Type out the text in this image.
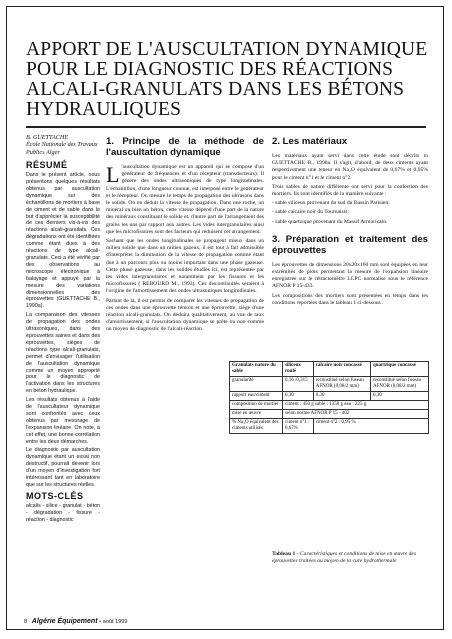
APPORT DE L'AUSCULTATION DYNAMIQUE
POUR LE DIAGNOSTIC DES RÉACTIONS
ALCALI-GRANULATS DANS LES BÉTONS
HYDRAULIQUES
B. GUETTACHE
École Nationale des Travaux
Publics Alger
RÉSUMÉ

Dans le présent article, nous présentons quelques résultats obtenus par auscultation dynamique sur des échantillons de mortiers à base de ciment et de sable dans le but d'apprécier la susceptibilité de ces derniers vis-à-vis des réactions alcali-granulats. Ces dégradations ont été identifiées comme étant dues à des réactions de type alcali-granulats. Ceci a été vérifié par des observations au microscope électronique à balayage et appuyé par la mesure des variations dimensionnelles des éprouvettes (GUETTACHE B., 1990a).

La comparaison des vitesses de propagation des ondes ultrasoniques, dans des éprouvettes saines et dans des éprouvettes, sièges de réactions type alcali-granulats, permet d'envisager l'utilisation de l'auscultation dynamique comme un moyen approprié pour le diagnostic de l'activation dans les structures en béton hydraulique.

Les résultats obtenus à l'aide de l'auscultateur dynamique sont confrontés avec ceux obtenus par mesurage de l'expansion linéaire. On note, à cet effet, une bonne corrélation entre les deux démarches.

Le diagnostic par auscultation dynamique étant un essai non destructif, pourrait devenir lors d'un moyen d'investigation fort intéressant tant en laboratoire que sur les structures réelles.

MOTS-CLÉS

alcalis - silice - granulat - béton - dégradation - fissure - réaction - diagnostic

1. Principe de la méthode de l'auscultation dynamique

L 'auscultation dynamique est un appareil qui se compose d'un générateur de fréquences et d'un récepteur (transducteurs). Il génère des ondes ultrasoniques de type longitudinales. L'échantillon, d'une longueur connue, est interposé entre le générateur et le récepteur. On mesure le temps de propagation des ultrasons dans le solide. On en déduit la vitesse de propagation. Dans une roche, un minéral ou bien un béton, cette vitesse dépend d'une part de la nature des minéraux constituant le solide et, d'autre part de l'arrangement des grains les uns par rapport aux autres. Les vides intergranulaires ainsi que les microfissures sont des facteurs qui réduisent cet arrangement.

Sachant que les ondes longitudinales se propagent mieux dans un milieu solide que dans un milieu gazeux, il est tout à fait admissible d'interpréter la diminution de la vitesse de propagation comme étant due à un parcours plus ou moins important dans une phase gazeuse. Cette phase gazeuse, dans les solides étudiés ici, est représentée par les vides intergranulaires et notamment par les fissures et les microfissures ( REBOURD M., 1993). Ces discontinuités seraient à l'origine de l'amortissement des ondes ultrasoniques longitudinales.

Partant de là, il est permis de comparer les vitesses de propagation de ces ondes dans une éprouvette témoin et une éprouvette, siège d'une réaction alcali-granulats. On déduira qualitativement, au vue de taux d'amortissement, si l'auscultation dynamique se prête ou non comme un moyen de diagnostic de l'alcali-réaction.

2. Les matériaux

Les matériaux ayant servi dans cette étude sont décrits in GUETTACHE B., 1990a. Il s'agit, d'abord, de deux ciments ayant respectivement une teneur en Na₂O équivalent de 0,67% et 0,95% pour le ciment n°1 et le ciment n°2.

Trois sables de nature différente ont servi pour la confection des mortiers. Ils sont identifiés de la manière suivante :

- sable siliceux provenant du sud du Bassin Parisien;

- sable calcaire noir du Tournaisis;

- sable quartzique provenant du Massif Armoricain.

3. Préparation et traitement des éprouvettes

Les éprouvettes de dimensions 20x20x160 mm sont équipées en leur extrémités de plots permettant la mesure de l'expansion linéaire enregistrée sur le rétractomètre LCPC normalisé sous le référence AFNOR P 15-433.

Les compositions des mortiers sont présentées en temps dans les conditions reportées dans le tableau 1 ci-dessous :

Granulats nature du sable	siliceux roulé	calcaire noir concassé	quartzique concassé
granularité	0,16 /0,315	reconstitué selon fuseau AFNOR (0,08/2 mm)	reconstitué selon fuseau AFNOR (0,08/2 mm)
rapport eau/ciment	0,30	0,30	0,30
composition de mortier	ciment : 450 g sable : 1350 g eau : 225 g		
mise en œuvre	selon norme AFNOR P 15 - 402		
% Na₂O équivalent des ciments utilisés	ciment n°1 : 0,67%	ciment n°2 : 0,95 %	
Tableau 1 - Caractéristiques et conditions de mise en œuvre des éprouvettes traitées au moyen de la cure hydrothermale
8 Algérie Équipement • août 1999
